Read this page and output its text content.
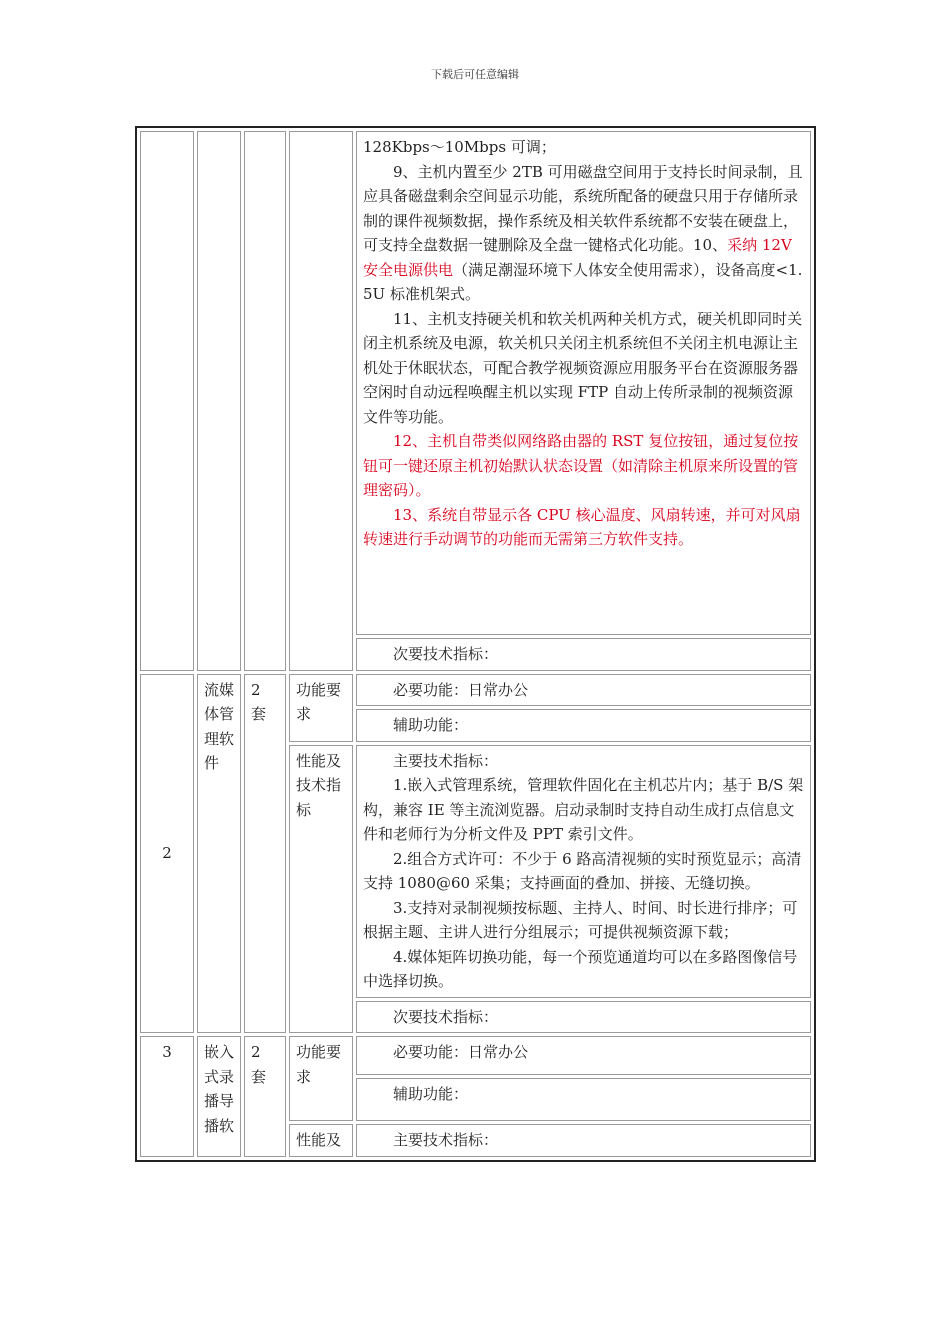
下载后可任意编辑

				128Kbps～10Mbps 可调；

9、主机内置至少 2TB 可用磁盘空间用于支持长时间录制，且应具备磁盘剩余空间显示功能，系统所配备的硬盘只用于存储所录制的课件视频数据，操作系统及相关软件系统都不安装在硬盘上，可支持全盘数据一键删除及全盘一键格式化功能。10、采纳 12V 安全电源供电（满足潮湿环境下人体安全使用需求），设备高度<1.5U 标准机架式。

11、主机支持硬关机和软关机两种关机方式，硬关机即同时关闭主机系统及电源，软关机只关闭主机系统但不关闭主机电源让主机处于休眠状态，可配合教学视频资源应用服务平台在资源服务器空闲时自动远程唤醒主机以实现 FTP 自动上传所录制的视频资源文件等功能。

12、主机自带类似网络路由器的 RST 复位按钮，通过复位按钮可一键还原主机初始默认状态设置（如清除主机原来所设置的管理密码）。

13、系统自带显示各 CPU 核心温度、风扇转速，并可对风扇转速进行手动调节的功能而无需第三方软件支持。

				次要技术指标：

2	流媒体管理软件	2 套	功能要求	必要功能：日常办公

				辅助功能：

			性能及技术指标	主要技术指标：

1.嵌入式管理系统，管理软件固化在主机芯片内；基于 B/S 架构，兼容 IE 等主流浏览器。启动录制时支持自动生成打点信息文件和老师行为分析文件及 PPT 索引文件。

2.组合方式许可：不少于 6 路高清视频的实时预览显示；高清支持 1080@60 采集；支持画面的叠加、拼接、无缝切换。

3.支持对录制视频按标题、主持人、时间、时长进行排序；可根据主题、主讲人进行分组展示；可提供视频资源下载；

4.媒体矩阵切换功能，每一个预览通道均可以在多路图像信号中选择切换。

				次要技术指标：

3	嵌入式录播导播软	2 套	功能要求	必要功能：日常办公

				辅助功能：

			性能及	主要技术指标：
